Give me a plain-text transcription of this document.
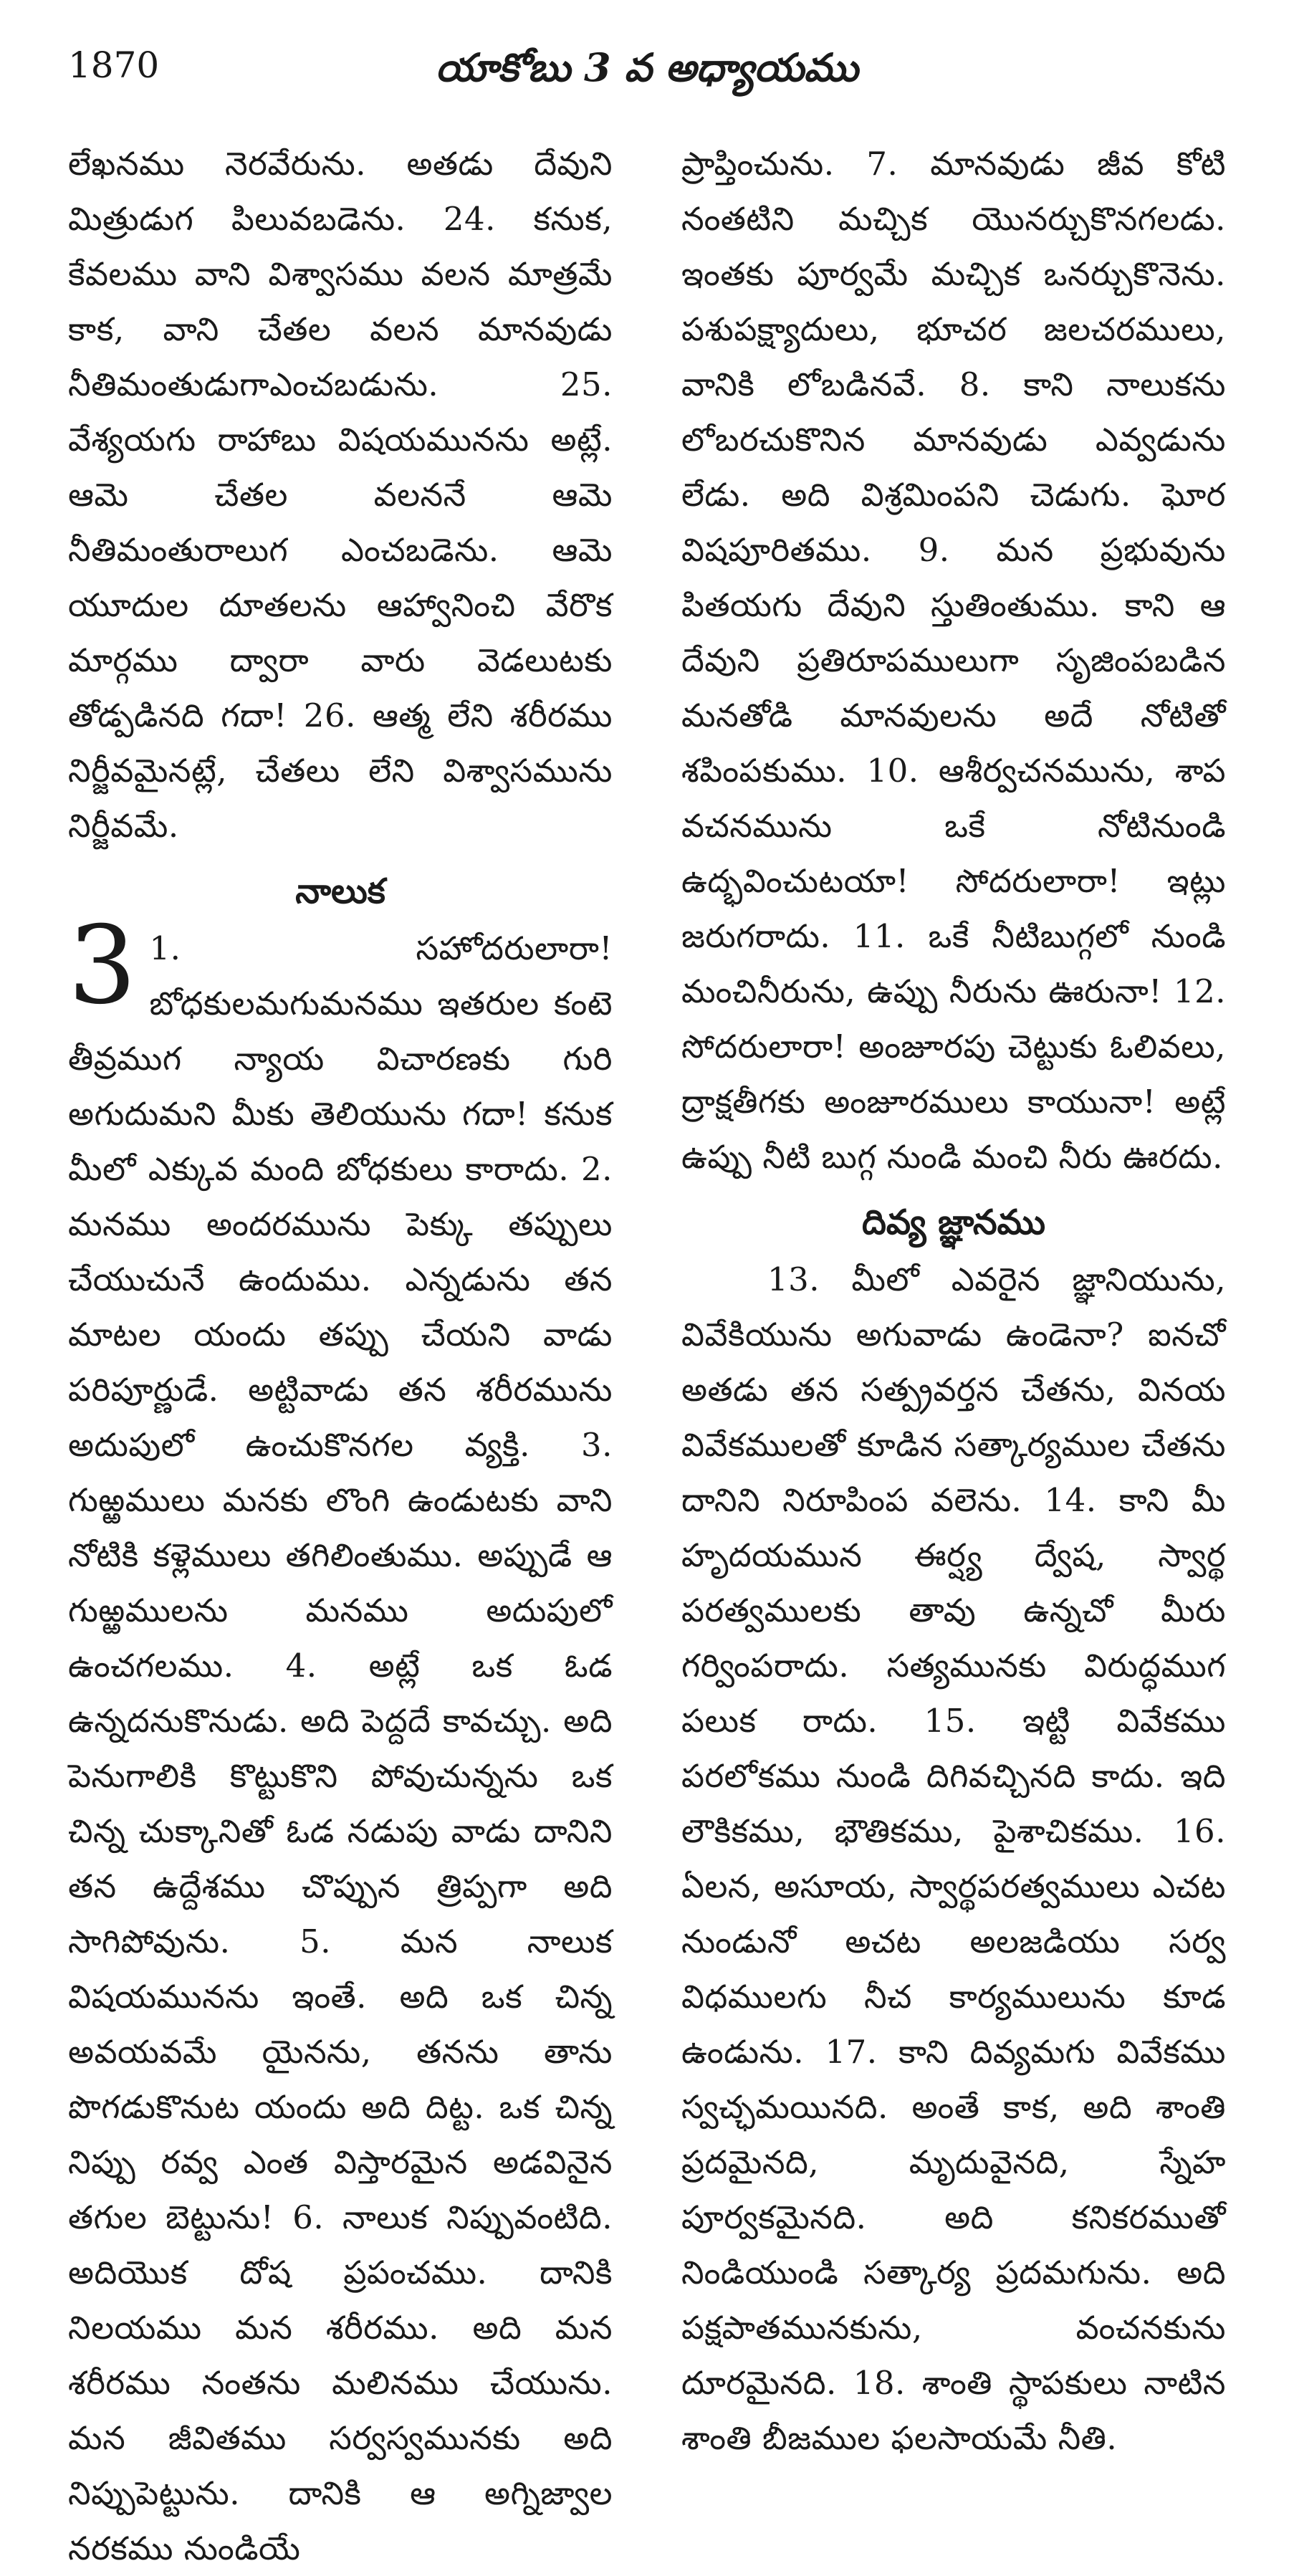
1870	యాకోబు 3 వ అధ్యాయము

లేఖనము నెరవేరును. అతడు దేవుని మిత్రుడుగ పిలువబడెను. 24. కనుక, కేవలము వాని విశ్వాసము వలన మాత్రమే కాక, వాని చేతల వలన మానవుడు నీతిమంతుడుగాఎంచబడును. 25. వేశ్యయగు రాహాబు విషయమునను అట్లే. ఆమె చేతల వలననే ఆమె నీతిమంతురాలుగ ఎంచబడెను. ఆమె యూదుల దూతలను ఆహ్వానించి వేరొక మార్గము ద్వారా వారు వెడలుటకు తోడ్పడినది గదా! 26. ఆత్మ లేని శరీరము నిర్జీవమైనట్లే, చేతలు లేని విశ్వాసమును నిర్జీవమే.

నాలుక
3 1. సహోదరులారా! బోధకులమగుమనము ఇతరుల కంటె తీవ్రముగ న్యాయ విచారణకు గురి అగుదుమని మీకు తెలియును గదా! కనుక మీలో ఎక్కువ మంది బోధకులు కారాదు. 2. మనము అందరమును పెక్కు తప్పులు చేయుచునే ఉందుము. ఎన్నడును తన మాటల యందు తప్పు చేయని వాడు పరిపూర్ణుడే. అట్టివాడు తన శరీరమును అదుపులో ఉంచుకొనగల వ్యక్తి. 3. గుఱ్ఱములు మనకు లొంగి ఉండుటకు వాని నోటికి కళ్లెములు తగిలింతుము. అప్పుడే ఆ గుఱ్ఱములను మనము అదుపులో ఉంచగలము. 4. అట్లే ఒక ఓడ ఉన్నదనుకొనుడు. అది పెద్దదే కావచ్చు. అది పెనుగాలికి కొట్టుకొని పోవుచున్నను ఒక చిన్న చుక్కానితో ఓడ నడుపు వాడు దానిని తన ఉద్దేశము చొప్పున త్రిప్పగా అది సాగిపోవును. 5. మన నాలుక విషయమునను ఇంతే. అది ఒక చిన్న అవయవమే యైనను, తనను తాను పొగడుకొనుట యందు అది దిట్ట. ఒక చిన్న నిప్పు రవ్వ ఎంత విస్తారమైన అడవినైన తగుల బెట్టును! 6. నాలుక నిప్పువంటిది. అదియొక దోష ప్రపంచము. దానికి నిలయము మన శరీరము. అది మన శరీరము నంతను మలినము చేయును. మన జీవితము సర్వస్వమునకు అది నిప్పుపెట్టును. దానికి ఆ అగ్నిజ్వాల నరకము నుండియే

ప్రాప్తించును. 7. మానవుడు జీవ కోటి నంతటిని మచ్చిక యొనర్చుకొనగలడు. ఇంతకు పూర్వమే మచ్చిక ఒనర్చుకొనెను. పశుపక్ష్యాదులు, భూచర జలచరములు, వానికి లోబడినవే. 8. కాని నాలుకను లోబరచుకొనిన మానవుడు ఎవ్వడును లేడు. అది విశ్రమింపని చెడుగు. ఘోర విషపూరితము. 9. మన ప్రభువును పితయగు దేవుని స్తుతింతుము. కాని ఆ దేవుని ప్రతిరూపములుగా సృజింపబడిన మనతోడి మానవులను అదే నోటితో శపింపకుము. 10. ఆశీర్వచనమును, శాప వచనమును ఒకే నోటినుండి ఉద్భవించుటయా! సోదరులారా! ఇట్లు జరుగరాదు. 11. ఒకే నీటిబుగ్గలో నుండి మంచినీరును, ఉప్పు నీరును ఊరునా! 12. సోదరులారా! అంజూరపు చెట్టుకు ఓలివలు, ద్రాక్షతీగకు అంజూరములు కాయునా! అట్లే ఉప్పు నీటి బుగ్గ నుండి మంచి నీరు ఊరదు.

దివ్య జ్ఞానము

13. మీలో ఎవరైన జ్ఞానియును, వివేకియును అగువాడు ఉండెనా? ఐనచో అతడు తన సత్ప్రవర్తన చేతను, వినయ వివేకములతో కూడిన సత్కార్యముల చేతను దానిని నిరూపింప వలెను. 14. కాని మీ హృదయమున ఈర్ష్య ద్వేష, స్వార్థ పరత్వములకు తావు ఉన్నచో మీరు గర్వింపరాదు. సత్యమునకు విరుద్ధముగ పలుక రాదు. 15. ఇట్టి వివేకము పరలోకము నుండి దిగివచ్చినది కాదు. ఇది లౌకికము, భౌతికము, పైశాచికము. 16. ఏలన, అసూయ, స్వార్థపరత్వములు ఎచట నుండునో అచట అలజడియు సర్వ విధములగు నీచ కార్యములును కూడ ఉండును. 17. కాని దివ్యమగు వివేకము స్వచ్ఛమయినది. అంతే కాక, అది శాంతి ప్రదమైనది, మృదువైనది, స్నేహ పూర్వకమైనది. అది కనికరముతో నిండియుండి సత్కార్య ప్రదమగును. అది పక్షపాతమునకును, వంచనకును దూరమైనది. 18. శాంతి స్థాపకులు నాటిన శాంతి బీజముల ఫలసాయమే నీతి.
